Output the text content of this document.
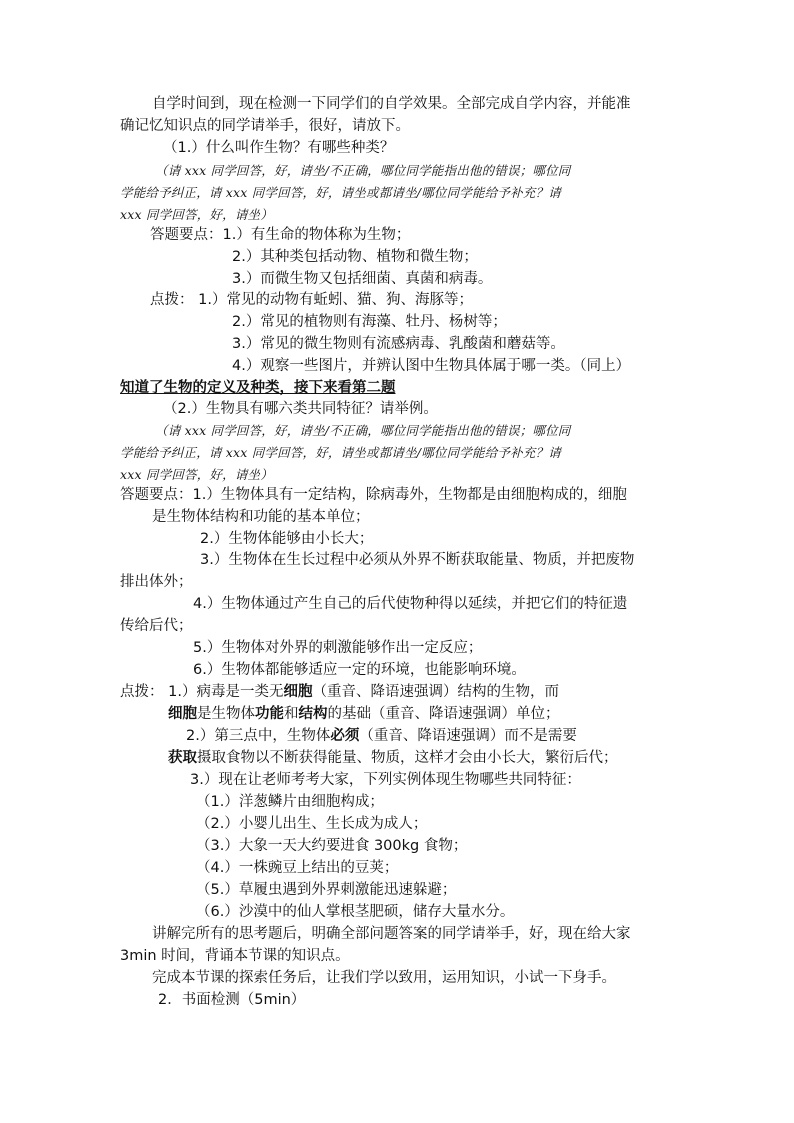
自学时间到，现在检测一下同学们的自学效果。全部完成自学内容，并能准
确记忆知识点的同学请举手，很好，请放下。
（1.）什么叫作生物？有哪些种类？
（请 xxx 同学回答，好，请坐/不正确，哪位同学能指出他的错误；哪位同
学能给予纠正，请 xxx 同学回答，好，请坐或都请坐/哪位同学能给予补充？请
xxx 同学回答，好，请坐）
答题要点：1.）有生命的物体称为生物；
2.）其种类包括动物、植物和微生物；
3.）而微生物又包括细菌、真菌和病毒。
点拨： 1.）常见的动物有蚯蚓、猫、狗、海豚等；
2.）常见的植物则有海藻、牡丹、杨树等；
3.）常见的微生物则有流感病毒、乳酸菌和蘑菇等。
4.）观察一些图片，并辨认图中生物具体属于哪一类。（同上）
知道了生物的定义及种类，接下来看第二题
（2.）生物具有哪六类共同特征？请举例。
（请 xxx 同学回答，好，请坐/不正确，哪位同学能指出他的错误；哪位同
学能给予纠正，请 xxx 同学回答，好，请坐或都请坐/哪位同学能给予补充？请
xxx 同学回答，好，请坐）
答题要点：1.）生物体具有一定结构，除病毒外，生物都是由细胞构成的，细胞
是生物体结构和功能的基本单位；
2.）生物体能够由小长大；
3.）生物体在生长过程中必须从外界不断获取能量、物质，并把废物
排出体外；
4.）生物体通过产生自己的后代使物种得以延续，并把它们的特征遗
传给后代；
5.）生物体对外界的刺激能够作出一定反应；
6.）生物体都能够适应一定的环境，也能影响环境。
点拨： 1.）病毒是一类无细胞（重音、降语速强调）结构的生物，而
细胞是生物体功能和结构的基础（重音、降语速强调）单位；
2.）第三点中，生物体必须（重音、降语速强调）而不是需要
获取摄取食物以不断获得能量、物质，这样才会由小长大，繁衍后代；
3.）现在让老师考考大家，下列实例体现生物哪些共同特征：
（1.）洋葱鳞片由细胞构成；
（2.）小婴儿出生、生长成为成人；
（3.）大象一天大约要进食 300kg 食物；
（4.）一株豌豆上结出的豆荚；
（5.）草履虫遇到外界刺激能迅速躲避；
（6.）沙漠中的仙人掌根茎肥硕，储存大量水分。
讲解完所有的思考题后，明确全部问题答案的同学请举手，好，现在给大家
3min 时间，背诵本节课的知识点。
完成本节课的探索任务后，让我们学以致用，运用知识，小试一下身手。
2．书面检测（5min）
